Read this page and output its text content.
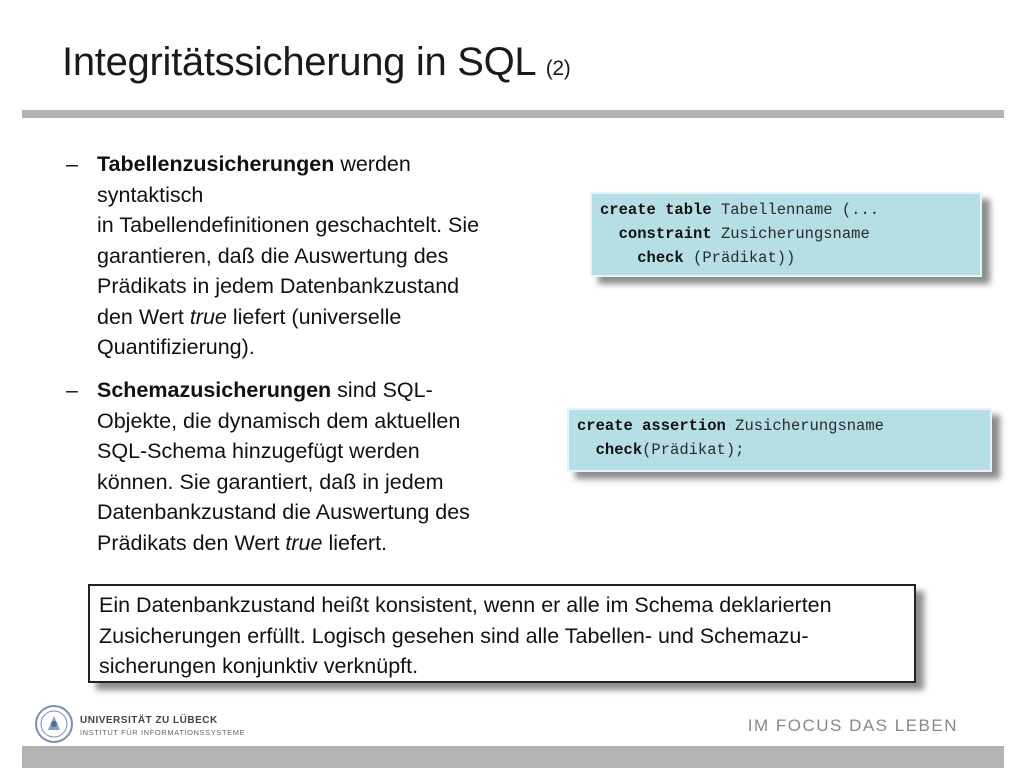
Integritätssicherung in SQL (2)
– Tabellenzusicherungen werden
syntaktisch
in Tabellendefinitionen geschachtelt. Sie
garantieren, daß die Auswertung des
Prädikats in jedem Datenbankzustand
den Wert true liefert (universelle
Quantifizierung).
– Schemazusicherungen sind SQL-
Objekte, die dynamisch dem aktuellen
SQL-Schema hinzugefügt werden
können. Sie garantiert, daß in jedem
Datenbankzustand die Auswertung des
Prädikats den Wert true liefert.
create table Tabellenname (...
constraint Zusicherungsname
check (Prädikat))
create assertion Zusicherungsname
check(Prädikat);
Ein Datenbankzustand heißt konsistent, wenn er alle im Schema deklarierten
Zusicherungen erfüllt. Logisch gesehen sind alle Tabellen- und Schemazu-
sicherungen konjunktiv verknüpft.
UNIVERSITÄT ZU LÜBECK
INSTITUT FÜR INFORMATIONSSYSTEME	IM FOCUS DAS LEBEN
